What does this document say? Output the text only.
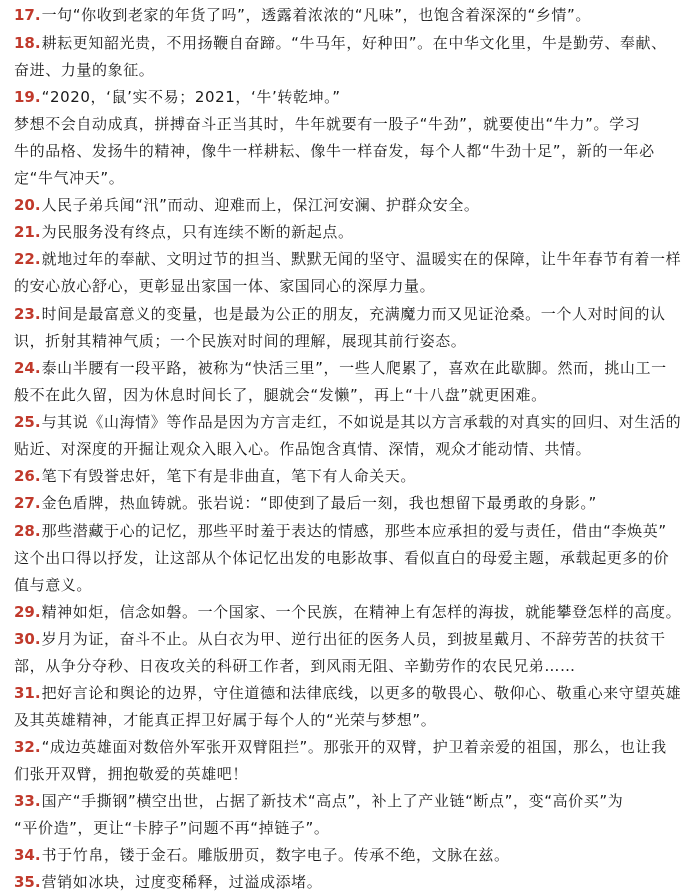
17.一句“你收到老家的年货了吗”，透露着浓浓的“凡味”，也饱含着深深的“乡情”。
18.耕耘更知韶光贵，不用扬鞭自奋蹄。“牛马年，好种田”。在中华文化里，牛是勤劳、奉献、
奋进、力量的象征。
19.“2020，‘鼠’实不易；2021，‘牛’转乾坤。”
梦想不会自动成真，拼搏奋斗正当其时，牛年就要有一股子“牛劲”，就要使出“牛力”。学习
牛的品格、发扬牛的精神，像牛一样耕耘、像牛一样奋发，每个人都“牛劲十足”，新的一年必
定“牛气冲天”。
20.人民子弟兵闻“汛”而动、迎难而上，保江河安澜、护群众安全。
21.为民服务没有终点，只有连续不断的新起点。
22.就地过年的奉献、文明过节的担当、默默无闻的坚守、温暖实在的保障，让牛年春节有着一样
的安心放心舒心，更彰显出家国一体、家国同心的深厚力量。
23.时间是最富意义的变量，也是最为公正的朋友，充满魔力而又见证沧桑。一个人对时间的认
识，折射其精神气质；一个民族对时间的理解，展现其前行姿态。
24.泰山半腰有一段平路，被称为“快活三里”，一些人爬累了，喜欢在此歇脚。然而，挑山工一
般不在此久留，因为休息时间长了，腿就会“发懒”，再上“十八盘”就更困难。
25.与其说《山海情》等作品是因为方言走红，不如说是其以方言承载的对真实的回归、对生活的
贴近、对深度的开掘让观众入眼入心。作品饱含真情、深情，观众才能动情、共情。
26.笔下有毁誉忠奸，笔下有是非曲直，笔下有人命关天。
27.金色盾牌，热血铸就。张岩说：“即使到了最后一刻，我也想留下最勇敢的身影。”
28.那些潜藏于心的记忆，那些平时羞于表达的情感，那些本应承担的爱与责任，借由“李焕英”
这个出口得以抒发，让这部从个体记忆出发的电影故事、看似直白的母爱主题，承载起更多的价
值与意义。
29.精神如炬，信念如磐。一个国家、一个民族，在精神上有怎样的海拔，就能攀登怎样的高度。
30.岁月为证，奋斗不止。从白衣为甲、逆行出征的医务人员，到披星戴月、不辞劳苦的扶贫干
部，从争分夺秒、日夜攻关的科研工作者，到风雨无阻、辛勤劳作的农民兄弟……
31.把好言论和舆论的边界，守住道德和法律底线，以更多的敬畏心、敬仰心、敬重心来守望英雄
及其英雄精神，才能真正捍卫好属于每个人的“光荣与梦想”。
32.“成边英雄面对数倍外军张开双臂阻拦”。那张开的双臂，护卫着亲爱的祖国，那么，也让我
们张开双臂，拥抱敬爱的英雄吧！
33.国产“手撕钢”横空出世，占据了新技术“高点”，补上了产业链“断点”，变“高价买”为
“平价造”，更让“卡脖子”问题不再“掉链子”。
34.书于竹帛，镂于金石。雕版册页，数字电子。传承不绝，文脉在兹。
35.营销如冰块，过度变稀释，过溢成添堵。
